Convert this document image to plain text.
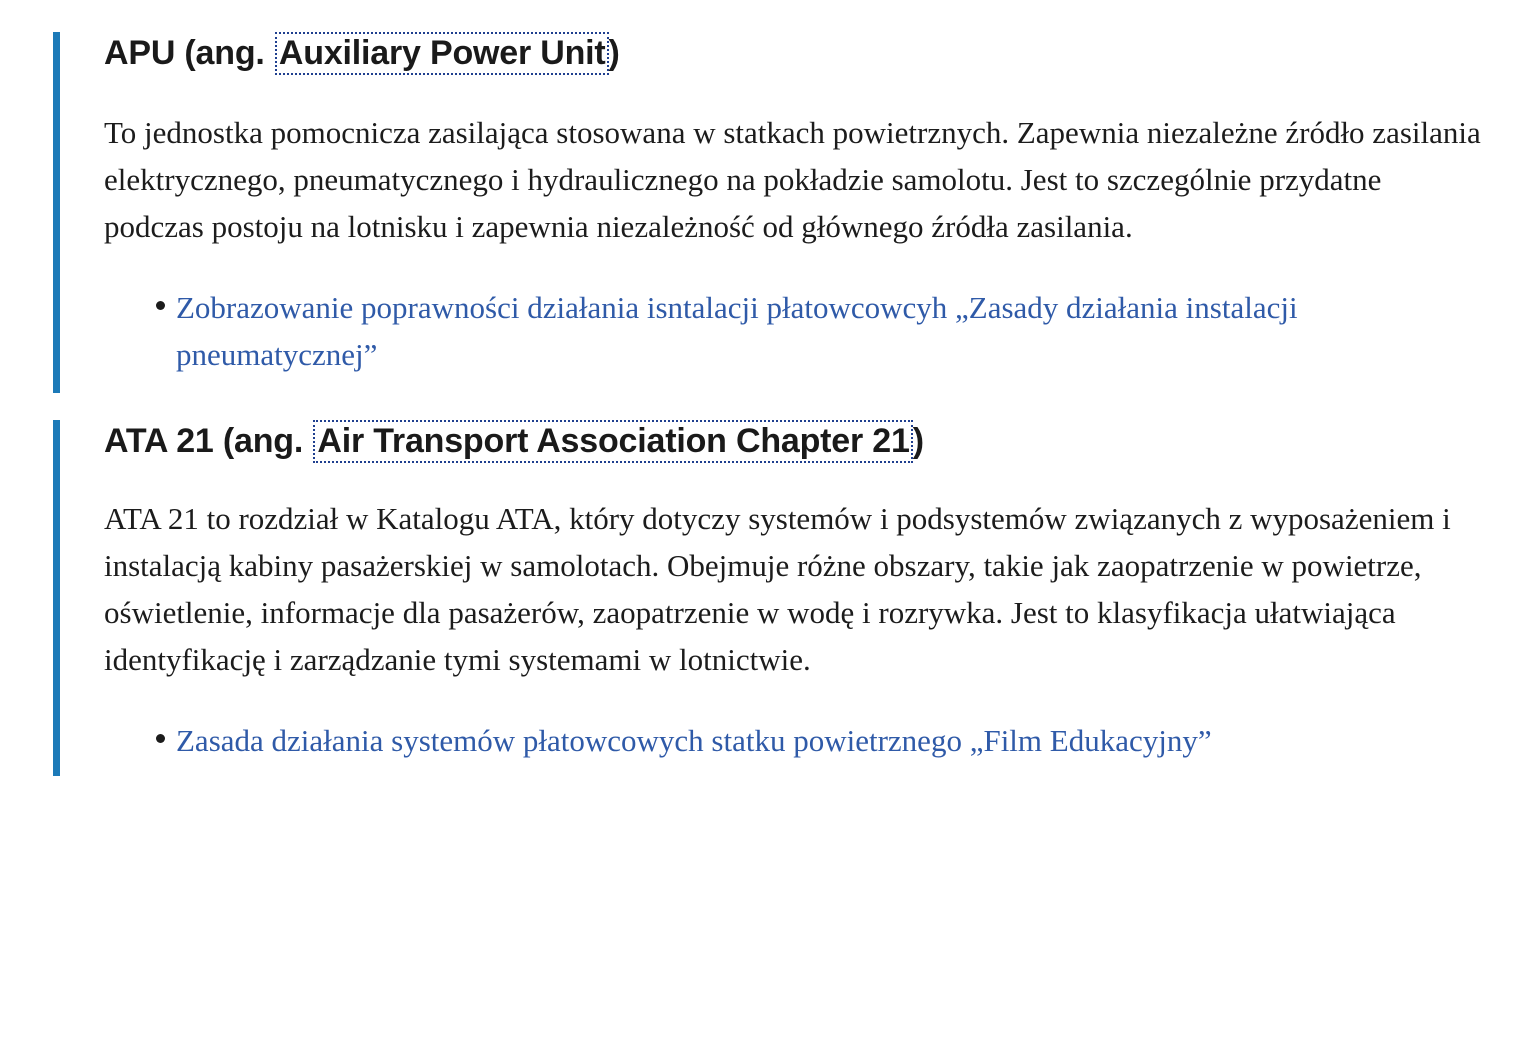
APU (ang. Auxiliary Power Unit)

To jednostka pomocnicza zasilająca stosowana w statkach powietrznych. Zapewnia niezależne źródło zasilania elektrycznego, pneumatycznego i hydraulicznego na pokładzie samolotu. Jest to szczególnie przydatne podczas postoju na lotnisku i zapewnia niezależność od głównego źródła zasilania.

Zobrazowanie poprawności działania isntalacji płatowcowcyh „Zasady działania instalacji pneumatycznej”
ATA 21 (ang. Air Transport Association Chapter 21)

ATA 21 to rozdział w Katalogu ATA, który dotyczy systemów i podsystemów związanych z wyposażeniem i instalacją kabiny pasażerskiej w samolotach. Obejmuje różne obszary, takie jak zaopatrzenie w powietrze, oświetlenie, informacje dla pasażerów, zaopatrzenie w wodę i rozrywka. Jest to klasyfikacja ułatwiająca identyfikację i zarządzanie tymi systemami w lotnictwie.

Zasada działania systemów płatowcowych statku powietrznego „Film Edukacyjny”
